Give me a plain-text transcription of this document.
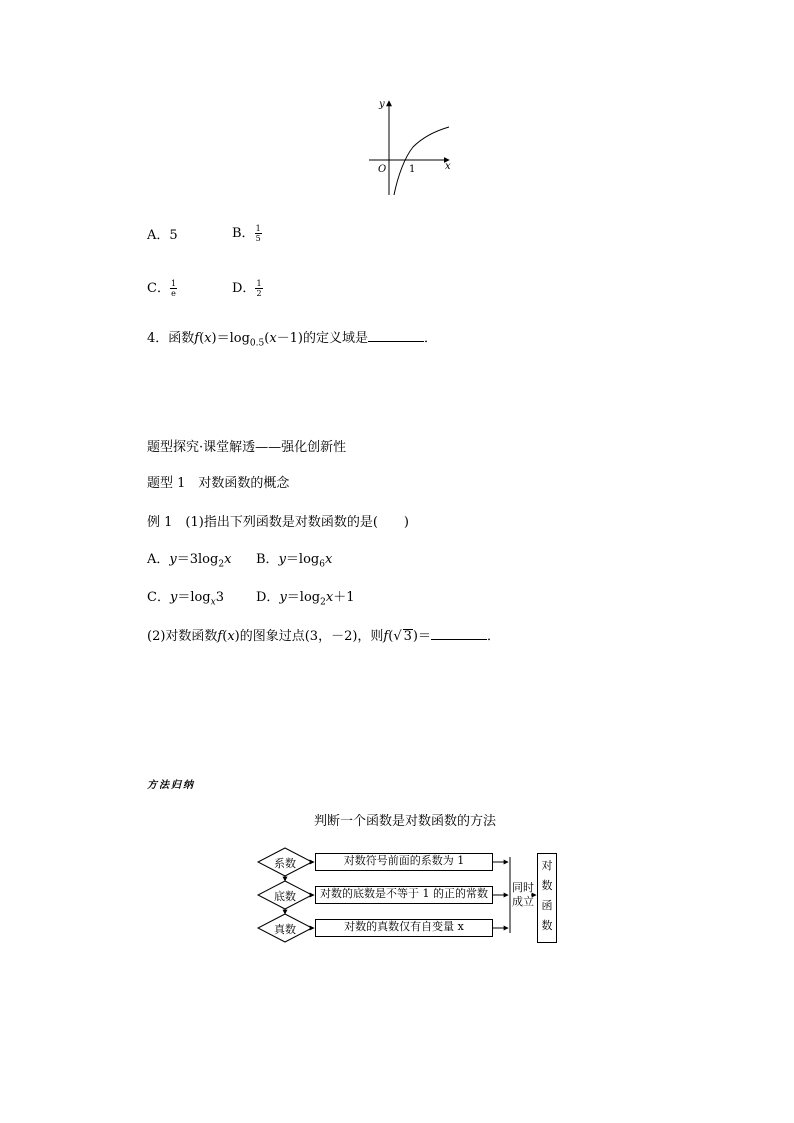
y
x
O 1
A．5	B． $\frac{1}{5}$
C． $\frac{1}{e}$	D． $\frac{1}{2}$
4．函数$f(x)=\log_{0.5}(x-1)$的定义域是	．
题型探究·课堂解透——强化创新性
题型 1　对数函数的概念
例 1　(1)指出下列函数是对数函数的是(　　)
A．$y=3\log_2x$ B．$y=\log_6x$
C．$y=\log_x3$ D．$y=\log_2x+1$
(2)对数函数f(x)的图象过点(3，－2)，则f(√ 3)＝	．
方法归纳
判断一个函数是对数函数的方法
系数
底数
真数
对数符号前面的系数为 1
对数的底数是不等于 1 的正的常数
对数的真数仅有自变量 x
同时
成立
对
数
函
数
